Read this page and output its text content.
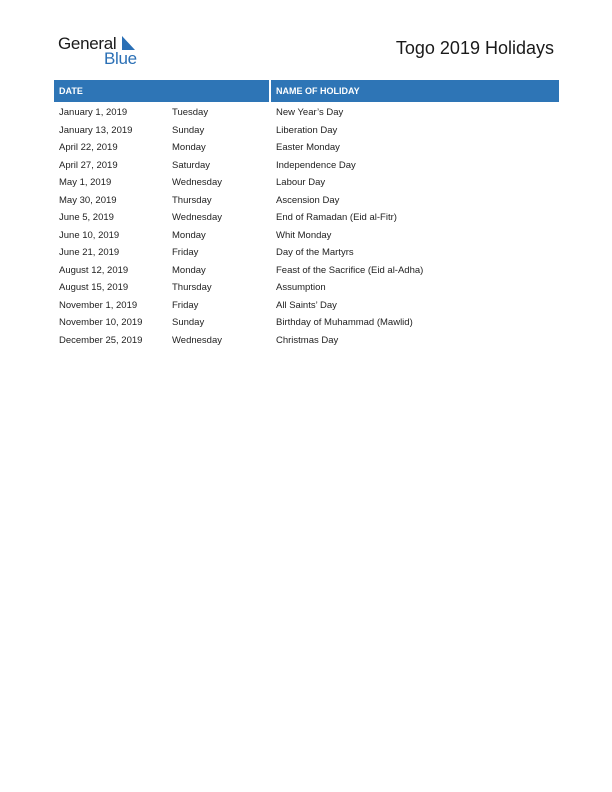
General
Blue
Togo 2019 Holidays
DATE	NAME OF HOLIDAY
January 1, 2019	Tuesday	New Year’s Day
January 13, 2019	Sunday	Liberation Day
April 22, 2019	Monday	Easter Monday
April 27, 2019	Saturday	Independence Day
May 1, 2019	Wednesday	Labour Day
May 30, 2019	Thursday	Ascension Day
June 5, 2019	Wednesday	End of Ramadan (Eid al-Fitr)
June 10, 2019	Monday	Whit Monday
June 21, 2019	Friday	Day of the Martyrs
August 12, 2019	Monday	Feast of the Sacrifice (Eid al-Adha)
August 15, 2019	Thursday	Assumption
November 1, 2019	Friday	All Saints’ Day
November 10, 2019	Sunday	Birthday of Muhammad (Mawlid)
December 25, 2019	Wednesday	Christmas Day
